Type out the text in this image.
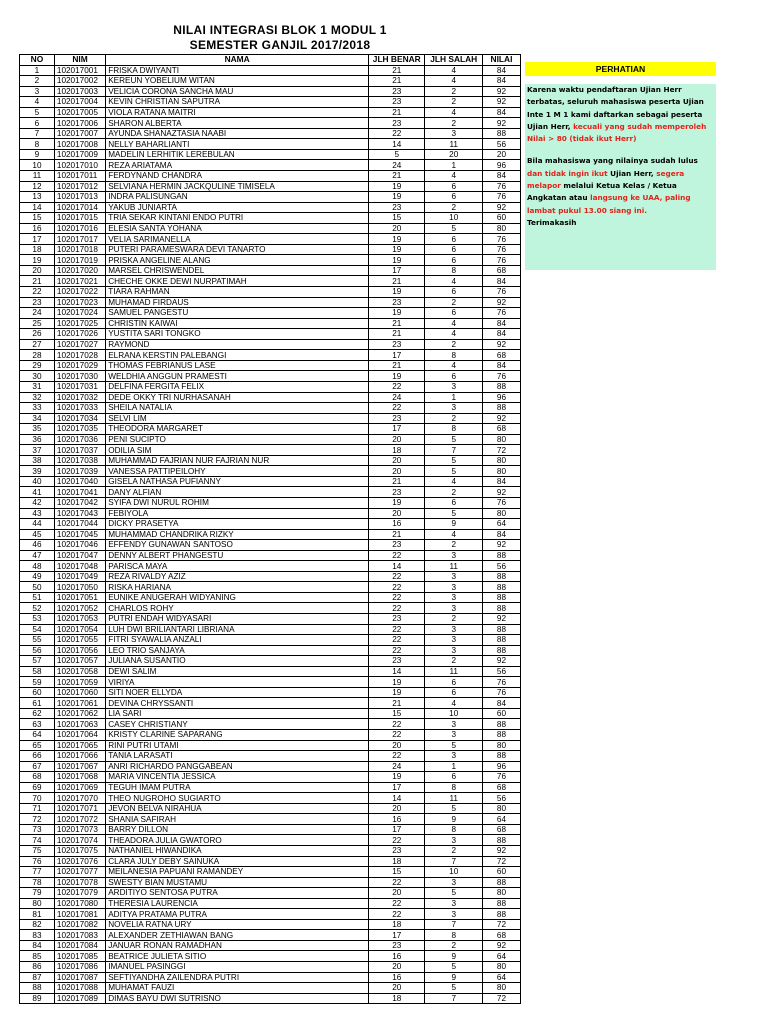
NILAI INTEGRASI BLOK 1 MODUL 1
SEMESTER GANJIL 2017/2018
NO	NIM	NAMA	JLH BENAR	JLH SALAH	NILAI
1	102017001	FRISKA DWIYANTI	21	4	84
2	102017002	KEREUN YOBELIUM WITAN	21	4	84
3	102017003	VELICIA CORONA SANCHA MAU	23	2	92
4	102017004	KEVIN CHRISTIAN SAPUTRA	23	2	92
5	102017005	VIOLA RATANA MAITRI	21	4	84
6	102017006	SHARON ALBERTA	23	2	92
7	102017007	AYUNDA SHANAZTASIA NAABI	22	3	88
8	102017008	NELLY BAHARLIANTI	14	11	56
9	102017009	MADELIN LERHITIK LEREBULAN	5	20	20
10	102017010	REZA ARIATAMA	24	1	96
11	102017011	FERDYNAND CHANDRA	21	4	84
12	102017012	SELVIANA HERMIN JACKQULINE TIMISELA	19	6	76
13	102017013	INDRA PALISUNGAN	19	6	76
14	102017014	YAKUB JUNIARTA	23	2	92
15	102017015	TRIA SEKAR KINTANI ENDO PUTRI	15	10	60
16	102017016	ELESIA SANTA YOHANA	20	5	80
17	102017017	VELIA SARIMANELLA	19	6	76
18	102017018	PUTERI PARAMESWARA DEVI TANARTO	19	6	76
19	102017019	PRISKA ANGELINE ALANG	19	6	76
20	102017020	MARSEL CHRISWENDEL	17	8	68
21	102017021	CHECHE OKKE DEWI NURPATIMAH	21	4	84
22	102017022	TIARA RAHMAN	19	6	76
23	102017023	MUHAMAD FIRDAUS	23	2	92
24	102017024	SAMUEL PANGESTU	19	6	76
25	102017025	CHRISTIN KAIWAI	21	4	84
26	102017026	YUSTITA SARI TONGKO	21	4	84
27	102017027	RAYMOND	23	2	92
28	102017028	ELRANA KERSTIN PALEBANGI	17	8	68
29	102017029	THOMAS FEBRIANUS LASE	21	4	84
30	102017030	WELDHIA ANGGUN PRAMESTI	19	6	76
31	102017031	DELFINA FERGITA FELIX	22	3	88
32	102017032	DEDE OKKY TRI NURHASANAH	24	1	96
33	102017033	SHEILA NATALIA	22	3	88
34	102017034	SELVI LIM	23	2	92
35	102017035	THEODORA MARGARET	17	8	68
36	102017036	PENI SUCIPTO	20	5	80
37	102017037	ODILIA SIM	18	7	72
38	102017038	MUHAMMAD FAJRIAN NUR FAJRIAN NUR	20	5	80
39	102017039	VANESSA PATTIPEILOHY	20	5	80
40	102017040	GISELA NATHASA PUFIANNY	21	4	84
41	102017041	DANY ALFIAN	23	2	92
42	102017042	SYIFA DWI NURUL ROHIM	19	6	76
43	102017043	FEBIYOLA	20	5	80
44	102017044	DICKY PRASETYA	16	9	64
45	102017045	MUHAMMAD CHANDRIKA RIZKY	21	4	84
46	102017046	EFFENDY GUNAWAN SANTOSO	23	2	92
47	102017047	DENNY ALBERT PHANGESTU	22	3	88
48	102017048	PARISCA MAYA	14	11	56
49	102017049	REZA RIVALDY AZIZ	22	3	88
50	102017050	RISKA HARIANA	22	3	88
51	102017051	EUNIKE ANUGERAH WIDYANING	22	3	88
52	102017052	CHARLOS ROHY	22	3	88
53	102017053	PUTRI ENDAH WIDYASARI	23	2	92
54	102017054	LUH DWI BRILIANTARI LIBRIANA	22	3	88
55	102017055	FITRI SYAWALIA ANZALI	22	3	88
56	102017056	LEO TRIO SANJAYA	22	3	88
57	102017057	JULIANA SUSANTIO	23	2	92
58	102017058	DEWI SALIM	14	11	56
59	102017059	VIRIYA	19	6	76
60	102017060	SITI NOER ELLYDA	19	6	76
61	102017061	DEVINA CHRYSSANTI	21	4	84
62	102017062	LIA SARI	15	10	60
63	102017063	CASEY CHRISTIANY	22	3	88
64	102017064	KRISTY CLARINE SAPARANG	22	3	88
65	102017065	RINI PUTRI UTAMI	20	5	80
66	102017066	TANIA LARASATI	22	3	88
67	102017067	ANRI RICHARDO PANGGABEAN	24	1	96
68	102017068	MARIA VINCENTIA JESSICA	19	6	76
69	102017069	TEGUH IMAM PUTRA	17	8	68
70	102017070	THEO NUGROHO SUGIARTO	14	11	56
71	102017071	JEVON BELVA NIRAHUA	20	5	80
72	102017072	SHANIA SAFIRAH	16	9	64
73	102017073	BARRY DILLON	17	8	68
74	102017074	THEADORA JULIA GWATORO	22	3	88
75	102017075	NATHANIEL HIWANDIKA	23	2	92
76	102017076	CLARA JULY DEBY SAINUKA	18	7	72
77	102017077	MEILANESIA PAPUANI RAMANDEY	15	10	60
78	102017078	SWESTY BIAN MUSTAMU	22	3	88
79	102017079	ARDITIYO SENTOSA PUTRA	20	5	80
80	102017080	THERESIA LAURENCIA	22	3	88
81	102017081	ADITYA PRATAMA PUTRA	22	3	88
82	102017082	NOVELIA RATNA URY	18	7	72
83	102017083	ALEXANDER ZETHIAWAN BANG	17	8	68
84	102017084	JANUAR RONAN RAMADHAN	23	2	92
85	102017085	BEATRICE JULIETA SITIO	16	9	64
86	102017086	IMANUEL PASINGGI	20	5	80
87	102017087	SEFTIYANDHA ZAILENDRA PUTRI	16	9	64
88	102017088	MUHAMAT FAUZI	20	5	80
89	102017089	DIMAS BAYU DWI SUTRISNO	18	7	72
PERHATIAN

Karena waktu pendaftaran Ujian Herr terbatas, seluruh mahasiswa peserta Ujian Inte 1 M 1 kami daftarkan sebagai peserta Ujian Herr, kecuali yang sudah memperoleh Nilai > 80 (tidak ikut Herr)

Bila mahasiswa yang nilainya sudah lulus dan tidak ingin ikut Ujian Herr, segera melapor melalui Ketua Kelas / Ketua Angkatan atau langsung ke UAA, paling lambat pukul 13.00 siang ini.

Terimakasih
